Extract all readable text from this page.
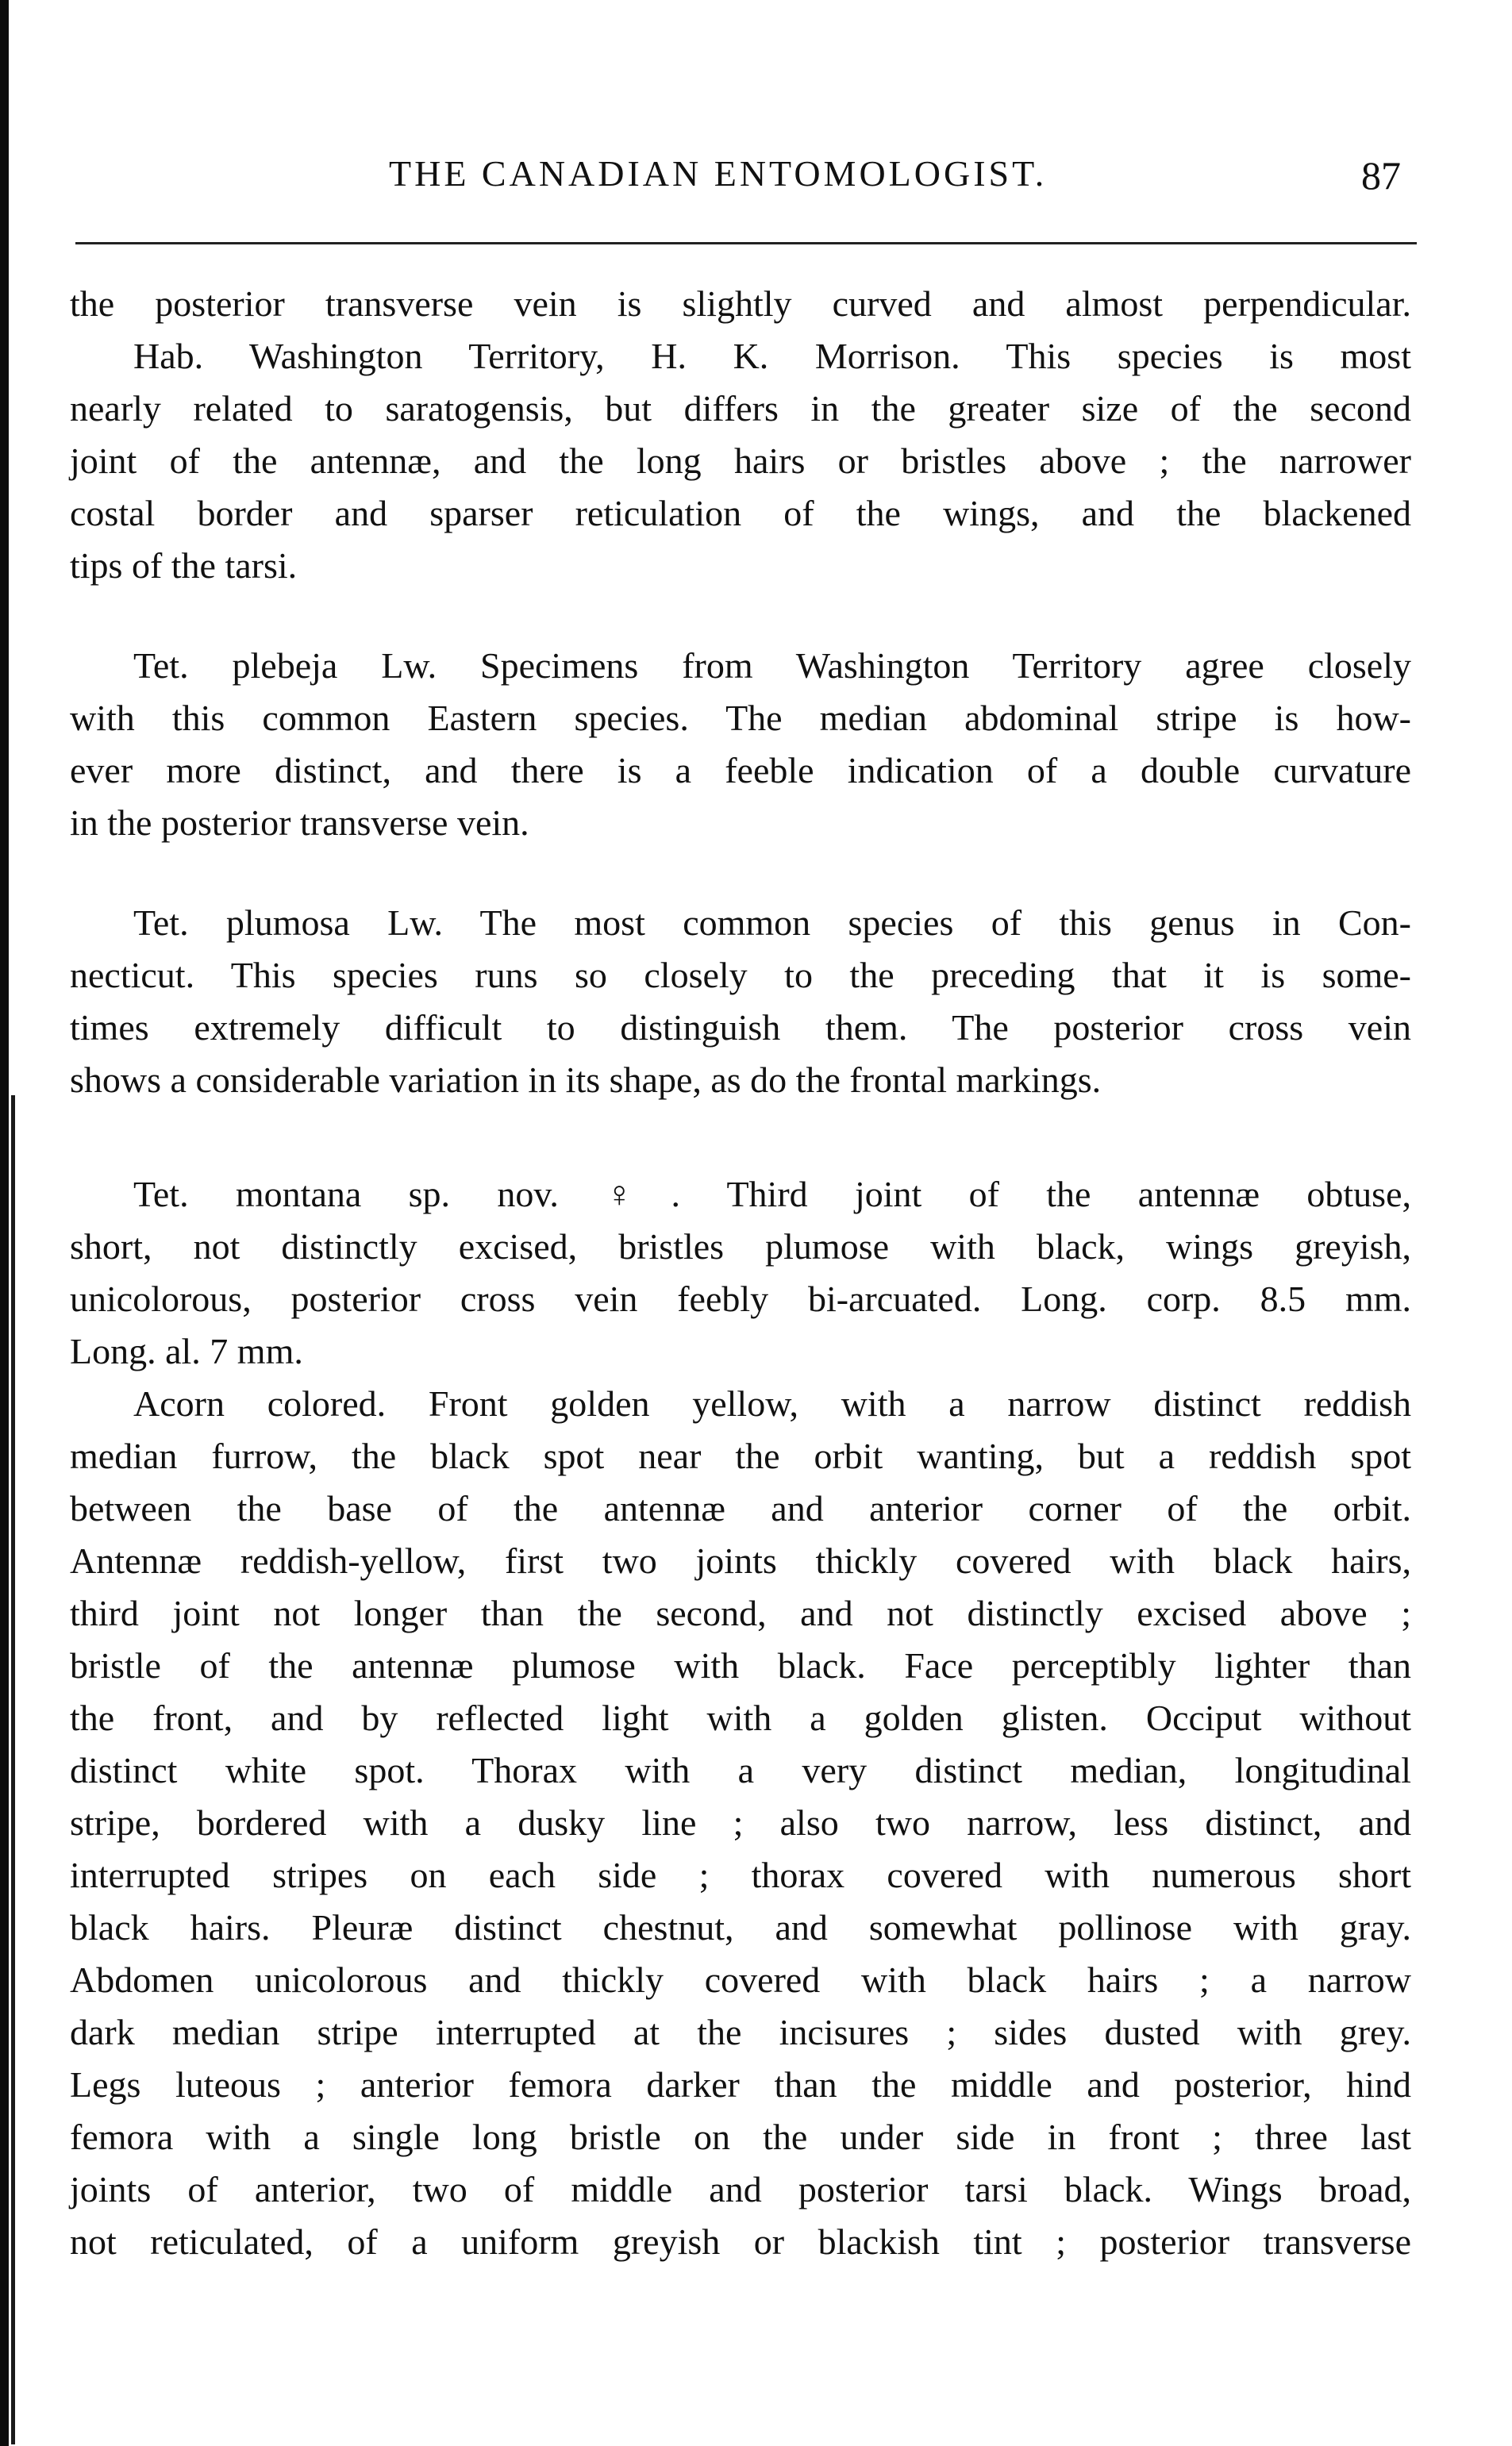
THE CANADIAN ENTOMOLOGIST.	87
the posterior transverse vein is slightly curved and almost perpendicular.
Hab. Washington Territory, H. K. Morrison. This species is most
nearly related to saratogensis, but differs in the greater size of the second
joint of the antennæ, and the long hairs or bristles above ; the narrower
costal border and sparser reticulation of the wings, and the blackened
tips of the tarsi.
Tet. plebeja Lw. Specimens from Washington Territory agree closely
with this common Eastern species. The median abdominal stripe is how-
ever more distinct, and there is a feeble indication of a double curvature
in the posterior transverse vein.
Tet. plumosa Lw. The most common species of this genus in Con-
necticut. This species runs so closely to the preceding that it is some-
times extremely difficult to distinguish them. The posterior cross vein
shows a considerable variation in its shape, as do the frontal markings.
Tet. montana sp. nov. ♀. Third joint of the antennæ obtuse,
short, not distinctly excised, bristles plumose with black, wings greyish,
unicolorous, posterior cross vein feebly bi-arcuated. Long. corp. 8.5 mm.
Long. al. 7 mm.
Acorn colored. Front golden yellow, with a narrow distinct reddish
median furrow, the black spot near the orbit wanting, but a reddish spot
between the base of the antennæ and anterior corner of the orbit.
Antennæ reddish-yellow, first two joints thickly covered with black hairs,
third joint not longer than the second, and not distinctly excised above ;
bristle of the antennæ plumose with black. Face perceptibly lighter than
the front, and by reflected light with a golden glisten. Occiput without
distinct white spot. Thorax with a very distinct median, longitudinal
stripe, bordered with a dusky line ; also two narrow, less distinct, and
interrupted stripes on each side ; thorax covered with numerous short
black hairs. Pleuræ distinct chestnut, and somewhat pollinose with gray.
Abdomen unicolorous and thickly covered with black hairs ; a narrow
dark median stripe interrupted at the incisures ; sides dusted with grey.
Legs luteous ; anterior femora darker than the middle and posterior, hind
femora with a single long bristle on the under side in front ; three last
joints of anterior, two of middle and posterior tarsi black. Wings broad,
not reticulated, of a uniform greyish or blackish tint ; posterior transverse
